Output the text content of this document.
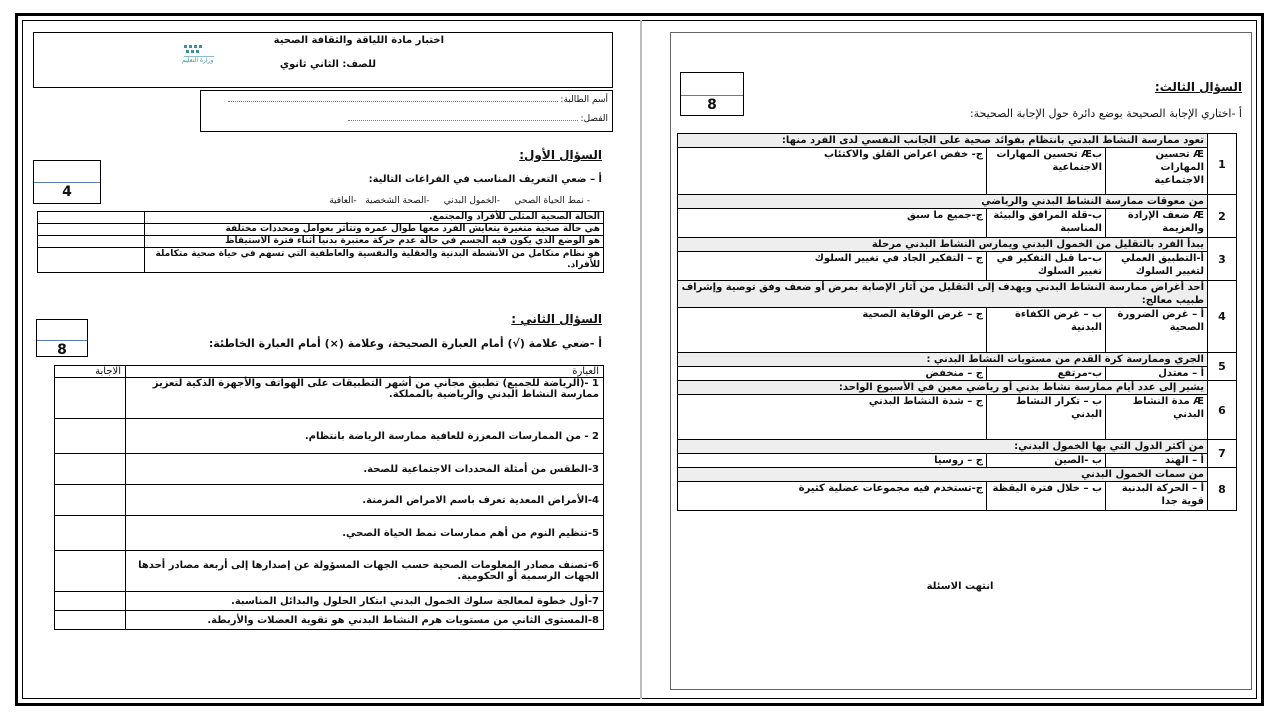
اختبار مادة اللياقة والثقافة الصحية
للصف: الثاني ثانوي
وزارة التعليم
أسم الطالبة:
الفصل:
السؤال الأول:
4
أ – ضعي التعريف المناسب في الفراغات التالية:
- نمط الحياة الصحي     -الخمول البدني     -الصحة الشخصية   -العافية
الحالة الصحية المثلى للأفراد والمجتمع.	
هي حالة صحية متغيرة يتعايش الفرد معها طوال عمره وتتأثر بعوامل ومحددات مختلفة	
هو الوضع الذي يكون فيه الجسم في حالة عدم حركة معتبرة بدنيا أثناء فترة الاستيقاظ	
هو نظام متكامل من الأنشطة البدنية والعقلية والنفسية والعاطفية التي تسهم في حياة صحية متكاملة للأفراد.	
السؤال الثاني :
8	أ -ضعي علامة (√) أمام العبارة الصحيحة، وعلامة (×) أمام العبارة الخاطئة:
العبارة	الاجابة
1 -(الرياضة للجميع) تطبيق مجاني من أشهر التطبيقات على الهواتف والأجهزة الذكية لتعزيز ممارسة النشاط البدني والرياضية بالمملكة.	
2 - من الممارسات المعززة للعافية ممارسة الرياضة بانتظام.	
3-الطقس من أمثلة المحددات الاجتماعية للصحة.	
4-الأمراض المعدية تعرف باسم الامراض المزمنة.	
5-تنظيم النوم من أهم ممارسات نمط الحياة الصحي.	
6-تصنف مصادر المعلومات الصحية حسب الجهات المسؤولة عن إصدارها إلى أربعة مصادر أحدها الجهات الرسمية أو الحكومية.	
7-أول خطوة لمعالجة سلوك الخمول البدني ابتكار الحلول والبدائل المناسبة.	
8-المستوى الثاني من مستويات هرم النشاط البدني هو تقوية العضلات والأربطة.	
8
السؤال الثالث:
أ -اختاري الإجابة الصحيحة بوضع دائرة حول الإجابة الصحيحة:
1	تعود ممارسة النشاط البدني بانتظام بفوائد صحية على الجانب النفسي لدى الفرد منها:		
	Æ تحسين المهارات الاجتماعية	بÆ تحسين المهارات الاجتماعية	ج- خفض اعراض القلق والاكتئاب
2	من معوقات ممارسة النشاط البدني والرياضي		
	Æ ضعف الإرادة والعزيمة	ب-قلة المرافق والبيئة المناسبة	ج-جميع ما سبق
3	يبدأ الفرد بالتقليل من الخمول البدني ويمارس النشاط البدني مرحلة		
	أ-التطبيق العملي لتغيير السلوك	ب-ما قبل التفكير في تغيير السلوك	ج – التفكير الجاد في تغيير السلوك
4	أحد أغراض ممارسة النشاط البدني ويهدف إلى التقليل من آثار الإصابة بمرض أو ضعف وفق توصية وإشراف طبيب معالج:		
	أ – غرض الضرورة الصحية	ب – غرض الكفاءة البدنية	ج – غرض الوقاية الصحية
5	الجري وممارسة كرة القدم من مستويات النشاط البدني :		
	أ – معتدل	ب-مرتفع	ج – منخفض
6	يشير إلى عدد أيام ممارسة نشاط بدني أو رياضي معين في الأسبوع الواحد:		
	Æ مدة النشاط البدني	ب – تكرار النشاط البدني	ج – شدة النشاط البدني
7	من أكثر الدول التي بها الخمول البدني:		
	أ – الهند	ب -الصين	ج – روسيا
8	من سمات الخمول البدني		
	أ – الحركة البدنية قوية جدا	ب – خلال فترة اليقظة	ج-تستخدم فيه مجموعات عضلية كثيرة
انتهت الاسئلة
